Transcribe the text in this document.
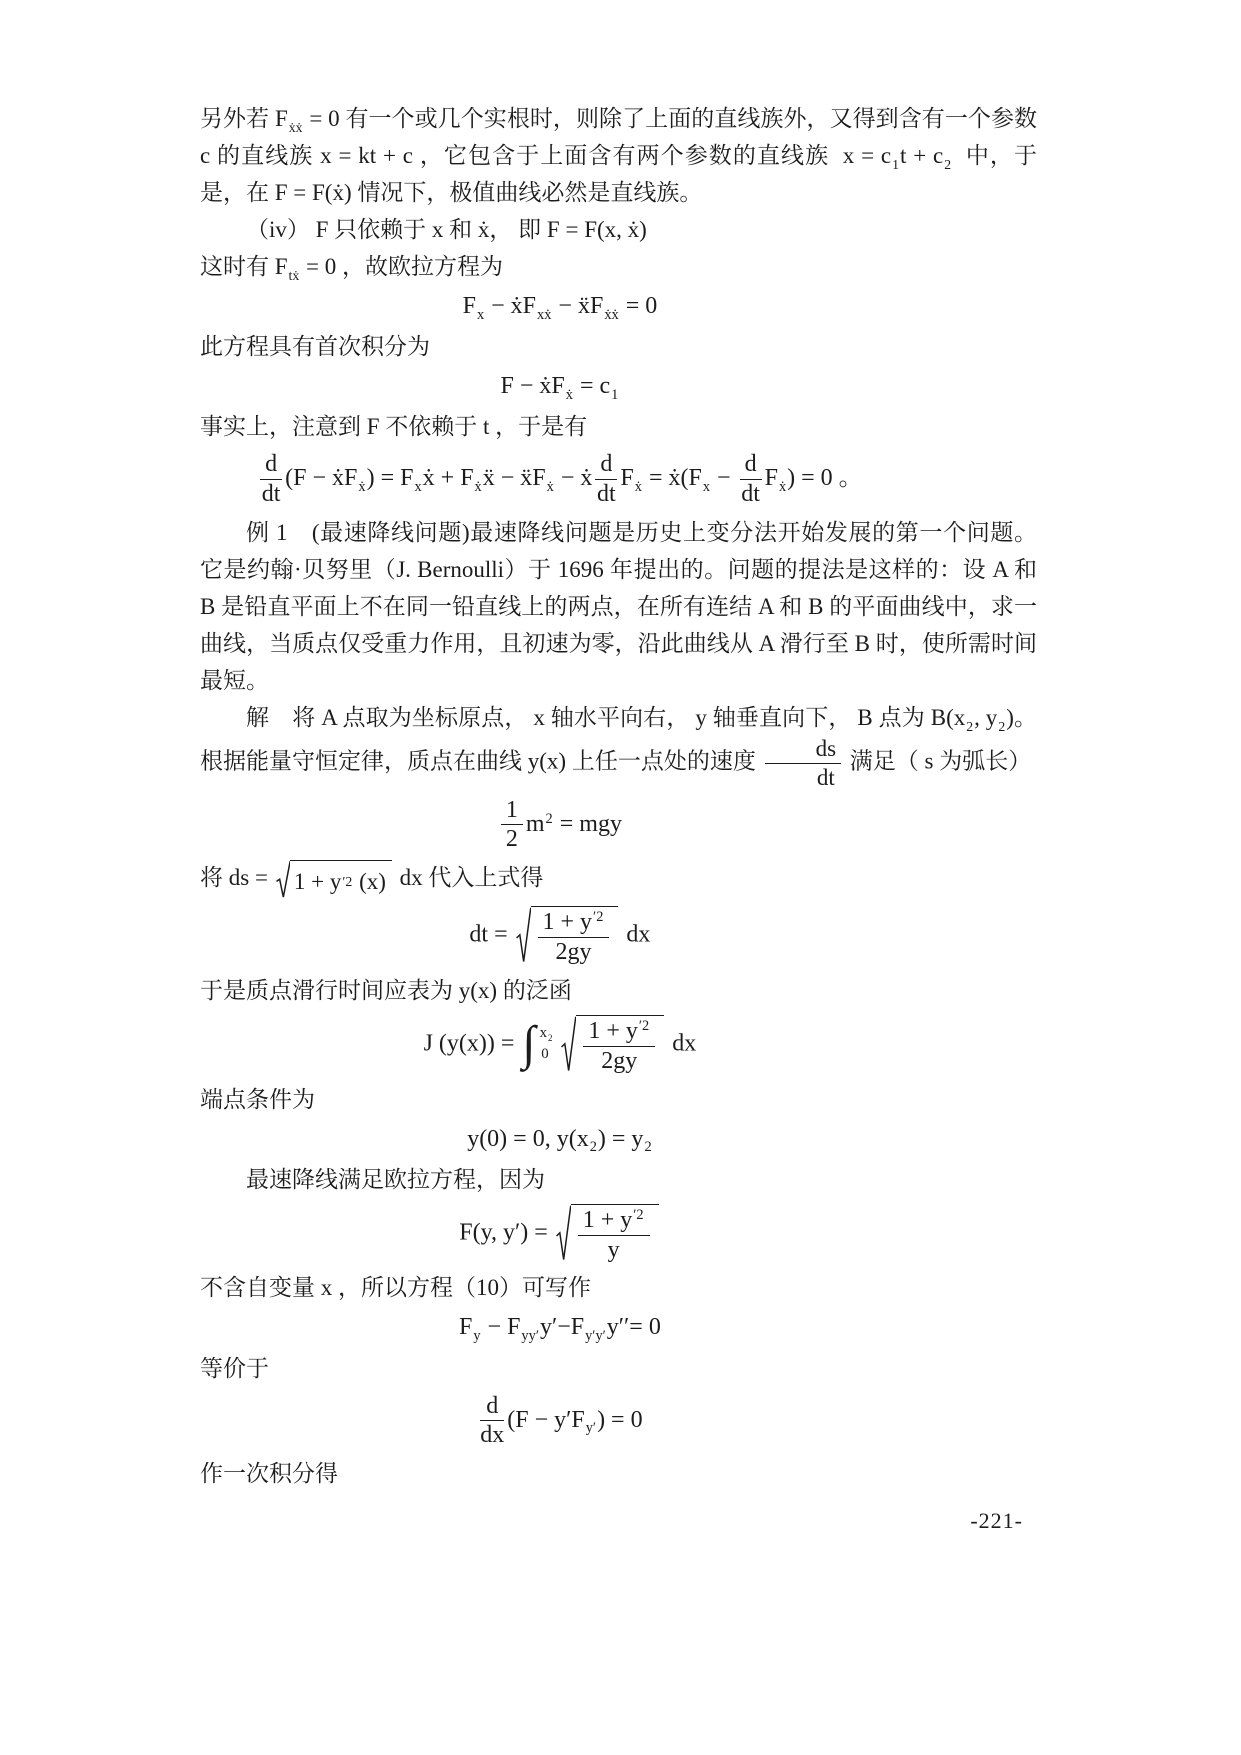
另外若 $F_{ẋẋ} = 0$ 有一个或几个实根时，则除了上面的直线族外，又得到含有一个参数 c 的直线族 x = kt + c ，它包含于上面含有两个参数的直线族  $x = c_1t + c_2$  中，于是，在 F = F(ẋ) 情况下，极值曲线必然是直线族。

（iv） F 只依赖于 x 和 ẋ， 即 F = F(x, ẋ)

这时有 $F_{tẋ} = 0$ ，故欧拉方程为

$F_x$ − ẋF$_{xẋ}$ − ẍF$_{ẋẋ}$ = 0

此方程具有首次积分为

F − ẋF$_ẋ$ = $c_1$

事实上，注意到 F 不依赖于 t ，于是有

$\frac{d}{dt} (F$ − ẋF$_ẋ$) = $F_xẋ$ + $F_ẋẍ$ − ẍF$_ẋ$ − ẋ $\frac{d}{dt} F_ẋ$ = $ẋ(F_x - \frac{d}{dt} F_ẋ) = 0$ 。

例 1　(最速降线问题)最速降线问题是历史上变分法开始发展的第一个问题。它是约翰·贝努里（J. Bernoulli）于 1696 年提出的。问题的提法是这样的：设 A 和 B 是铅直平面上不在同一铅直线上的两点，在所有连结 A 和 B 的平面曲线中，求一曲线，当质点仅受重力作用，且初速为零，沿此曲线从 A 滑行至 B 时，使所需时间最短。

解　将 A 点取为坐标原点， x 轴水平向右， y 轴垂直向下， B 点为 $B(x_2$, $y_2$)。根据能量守恒定律，质点在曲线 y(x) 上任一点处的速度 $\frac{ds}{dt}$ 满足（ s 为弧长）

$\frac{1}{2} m^2$ = mgy

将 ds = 1 + y ′2 (x) dx 代入上式得

dt = $\frac{1 + y^{'2}}{2gy}$ dx

于是质点滑行时间应表为 y(x) 的泛函

J (y(x)) = ∫ $x_2$
$0 \frac{1 + y^{'2}}{2gy}$ dx

端点条件为

y(0) = 0, $y(x_2) = y_2$

最速降线满足欧拉方程，因为

F(y, $y') = \frac{1 + y^{'2}}{y}$

不含自变量 x ，所以方程（10）可写作

$F_y - F_{yy'}y'-F_{y'y'}y''= 0$

等价于

$\frac{d}{dx} (F - y'F_{y'}) = 0$

作一次积分得

-221-
